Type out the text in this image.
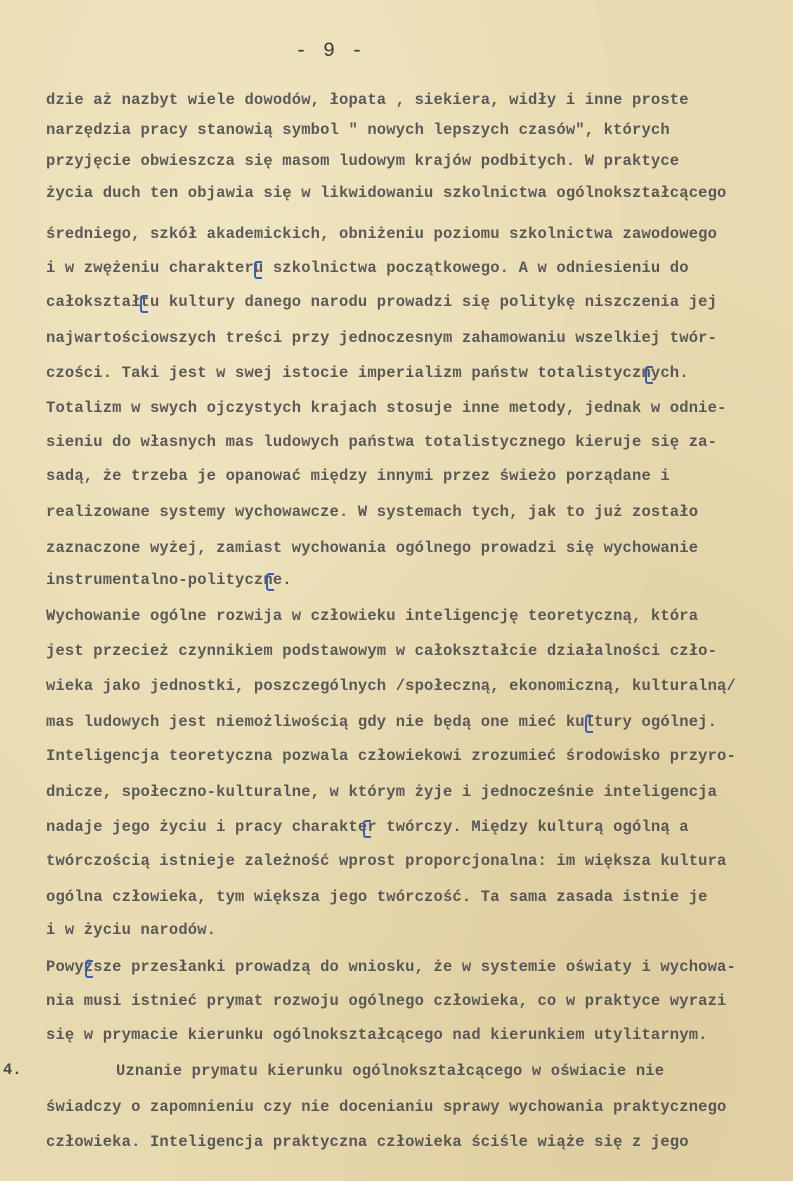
- 9 -
dzie aż nazbyt wiele dowodów, łopata , siekiera, widły i inne proste
narzędzia pracy stanowią symbol " nowych lepszych czasów", których
przyjęcie obwieszcza się masom ludowym krajów podbitych. W praktyce
życia duch ten objawia się w likwidowaniu szkolnictwa ogólnokształcącego
średniego, szkół akademickich, obniżeniu poziomu szkolnictwa zawodowego
i w zwężeniu charakteru szkolnictwa początkowego. A w odniesieniu do
całokształtu kultury danego narodu prowadzi się politykę niszczenia jej
najwartościowszych treści przy jednoczesnym zahamowaniu wszelkiej twór-
czości. Taki jest w swej istocie imperializm państw totalistycznych.
Totalizm w swych ojczystych krajach stosuje inne metody, jednak w odnie-
sieniu do własnych mas ludowych państwa totalistycznego kieruje się za-
sadą, że trzeba je opanować między innymi przez świeżo porządane i
realizowane systemy wychowawcze. W systemach tych, jak to już zostało
zaznaczone wyżej, zamiast wychowania ogólnego prowadzi się wychowanie
instrumentalno-polityczne.
Wychowanie ogólne rozwija w człowieku inteligencję teoretyczną, która
jest przecież czynnikiem podstawowym w całokształcie działalności czło-
wieka jako jednostki, poszczególnych /społeczną, ekonomiczną, kulturalną/
mas ludowych jest niemożliwością gdy nie będą one mieć kultury ogólnej.
Inteligencja teoretyczna pozwala człowiekowi zrozumieć środowisko przyro-
dnicze, społeczno-kulturalne, w którym żyje i jednocześnie inteligencja
nadaje jego życiu i pracy charakter twórczy. Między kulturą ogólną a
twórczością istnieje zależność wprost proporcjonalna: im większa kultura
ogólna człowieka, tym większa jego twórczość. Ta sama zasada istnie je
i w życiu narodów.
Powyższe przesłanki prowadzą do wniosku, że w systemie oświaty i wychowa-
nia musi istnieć prymat rozwoju ogólnego człowieka, co w praktyce wyrazi
się w prymacie kierunku ogólnokształcącego nad kierunkiem utylitarnym.
4.	Uznanie prymatu kierunku ogólnokształcącego w oświacie nie
świadczy o zapomnieniu czy nie docenianiu sprawy wychowania praktycznego
człowieka. Inteligencja praktyczna człowieka ściśle wiąże się z jego
